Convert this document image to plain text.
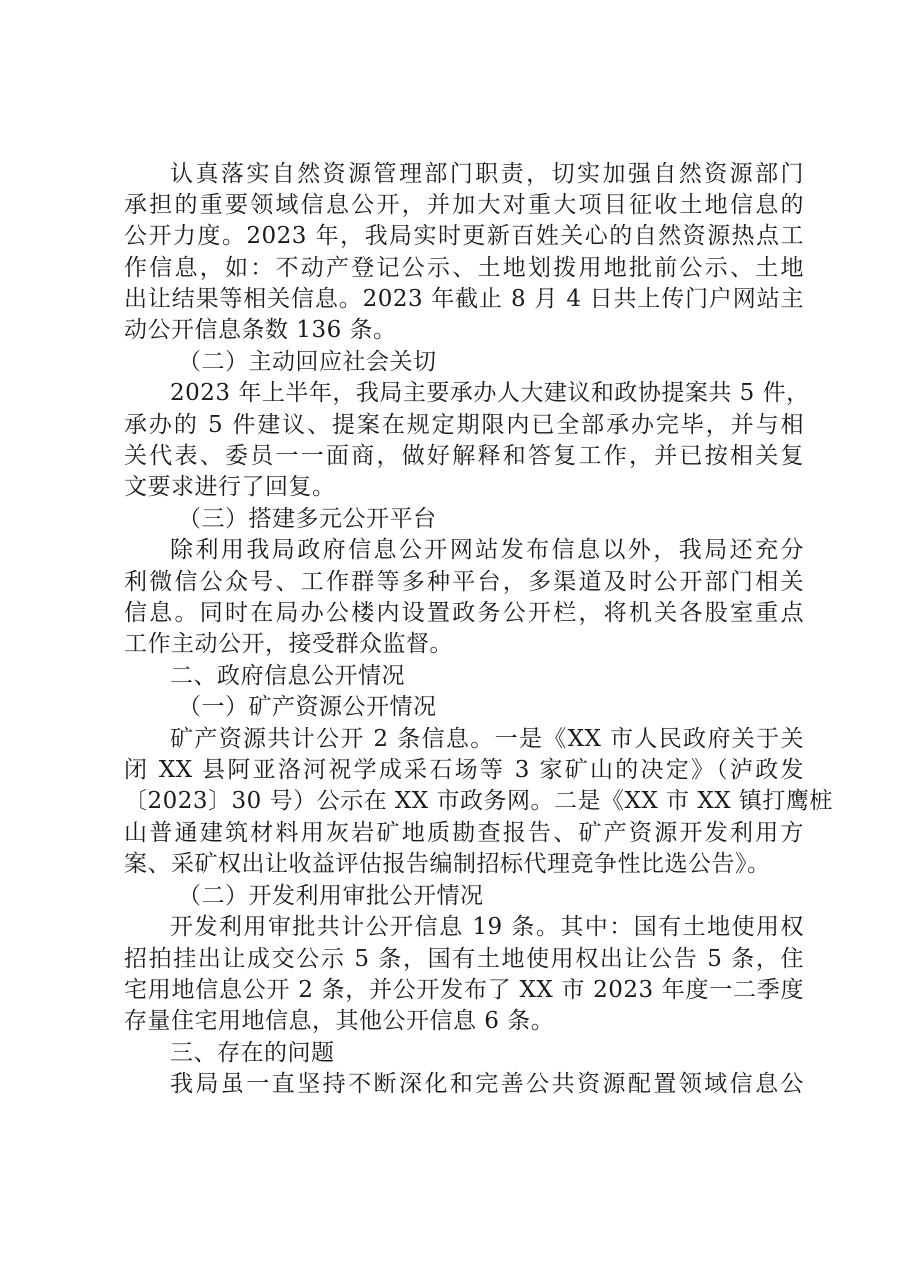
认真落实自然资源管理部门职责，切实加强自然资源部门
承担的重要领域信息公开，并加大对重大项目征收土地信息的
公开力度。2023 年，我局实时更新百姓关心的自然资源热点工
作信息，如：不动产登记公示、土地划拨用地批前公示、土地
出让结果等相关信息。2023 年截止 8 月 4 日共上传门户网站主
动公开信息条数 136 条。
（二）主动回应社会关切
2023 年上半年，我局主要承办人大建议和政协提案共 5 件，
承办的 5 件建议、提案在规定期限内已全部承办完毕，并与相
关代表、委员一一面商，做好解释和答复工作，并已按相关复
文要求进行了回复。
（三）搭建多元公开平台
除利用我局政府信息公开网站发布信息以外，我局还充分
利微信公众号、工作群等多种平台，多渠道及时公开部门相关
信息。同时在局办公楼内设置政务公开栏，将机关各股室重点
工作主动公开，接受群众监督。
二、政府信息公开情况
（一）矿产资源公开情况
矿产资源共计公开 2 条信息。一是《XX 市人民政府关于关
闭 XX 县阿亚洛河祝学成采石场等 3 家矿山的决定》（泸政发
〔2023〕30 号）公示在 XX 市政务网。二是《XX 市 XX 镇打鹰桩
山普通建筑材料用灰岩矿地质勘查报告、矿产资源开发利用方
案、采矿权出让收益评估报告编制招标代理竞争性比选公告》。
（二）开发利用审批公开情况
开发利用审批共计公开信息 19 条。其中：国有土地使用权
招拍挂出让成交公示 5 条，国有土地使用权出让公告 5 条，住
宅用地信息公开 2 条，并公开发布了 XX 市 2023 年度一二季度
存量住宅用地信息，其他公开信息 6 条。
三、存在的问题
我局虽一直坚持不断深化和完善公共资源配置领域信息公
